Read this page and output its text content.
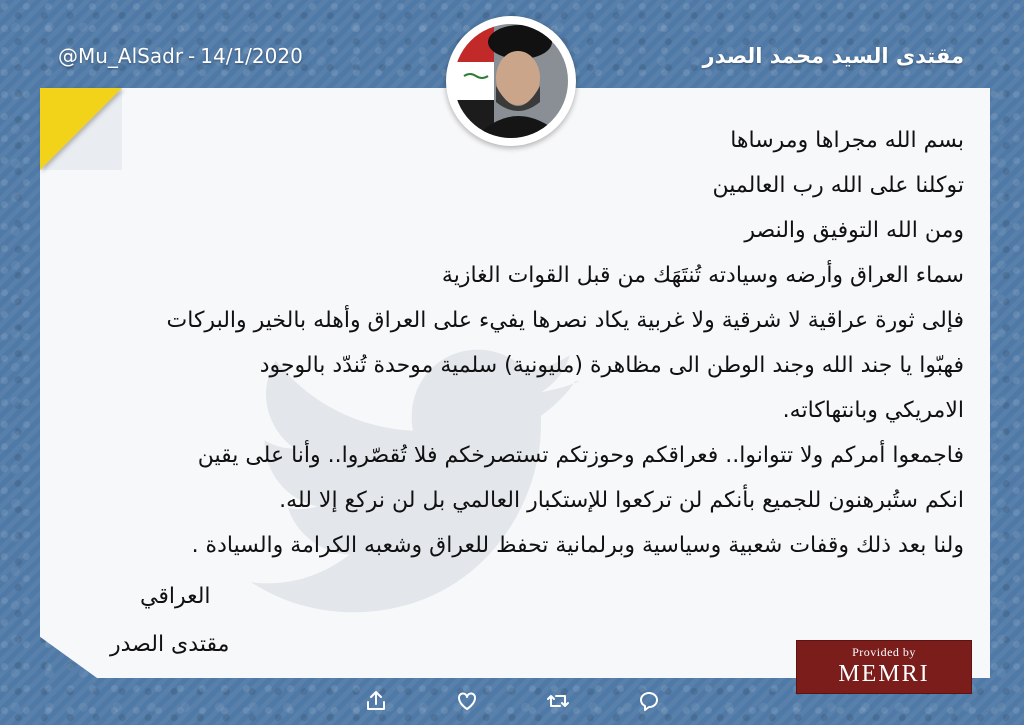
مقتدى السيد محمد الصدر
@Mu_AlSadr - 14/1/2020
بسم الله مجراها ومرساها
توكلنا على الله رب العالمين
ومن الله التوفيق والنصر
سماء العراق وأرضه وسيادته تُنتَهَك من قبل القوات الغازية
فإلى ثورة عراقية لا شرقية ولا غربية يكاد نصرها يفيء على العراق وأهله بالخير والبركات
فهبّوا يا جند الله وجند الوطن الى مظاهرة (مليونية) سلمية موحدة تُندّد بالوجود
الامريكي وبانتهاكاته.
فاجمعوا أمركم ولا تتوانوا.. فعراقكم وحوزتكم تستصرخكم فلا تُقصّروا.. وأنا على يقين
انكم ستُبرهنون للجميع بأنكم لن تركعوا للإستكبار العالمي بل لن نركع إلا لله.
ولنا بعد ذلك وقفات شعبية وسياسية وبرلمانية تحفظ للعراق وشعبه الكرامة والسيادة .
العراقي
مقتدى الصدر	Provided by
MEMRI
